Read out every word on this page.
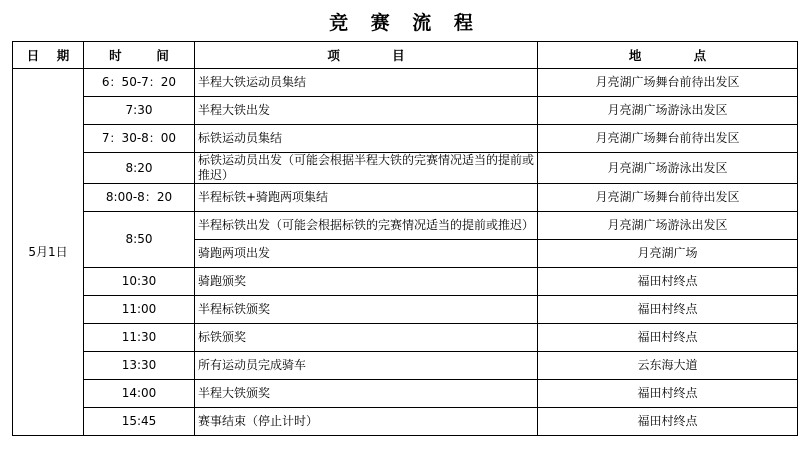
竞 赛 流 程
日    期	时        间	项            目	地            点
5月1日	6：50-7：20	半程大铁运动员集结	月亮湖广场舞台前待出发区
	7:30	半程大铁出发	月亮湖广场游泳出发区
	7：30-8：00	标铁运动员集结	月亮湖广场舞台前待出发区
	8:20	标铁运动员出发（可能会根据半程大铁的完赛情况适当的提前或推迟）	月亮湖广场游泳出发区
	8:00-8：20	半程标铁+骑跑两项集结	月亮湖广场舞台前待出发区
	8:50	半程标铁出发（可能会根据标铁的完赛情况适当的提前或推迟）	月亮湖广场游泳出发区
		骑跑两项出发	月亮湖广场
	10:30	骑跑颁奖	福田村终点
	11:00	半程标铁颁奖	福田村终点
	11:30	标铁颁奖	福田村终点
	13:30	所有运动员完成骑车	云东海大道
	14:00	半程大铁颁奖	福田村终点
	15:45	赛事结束（停止计时）	福田村终点
